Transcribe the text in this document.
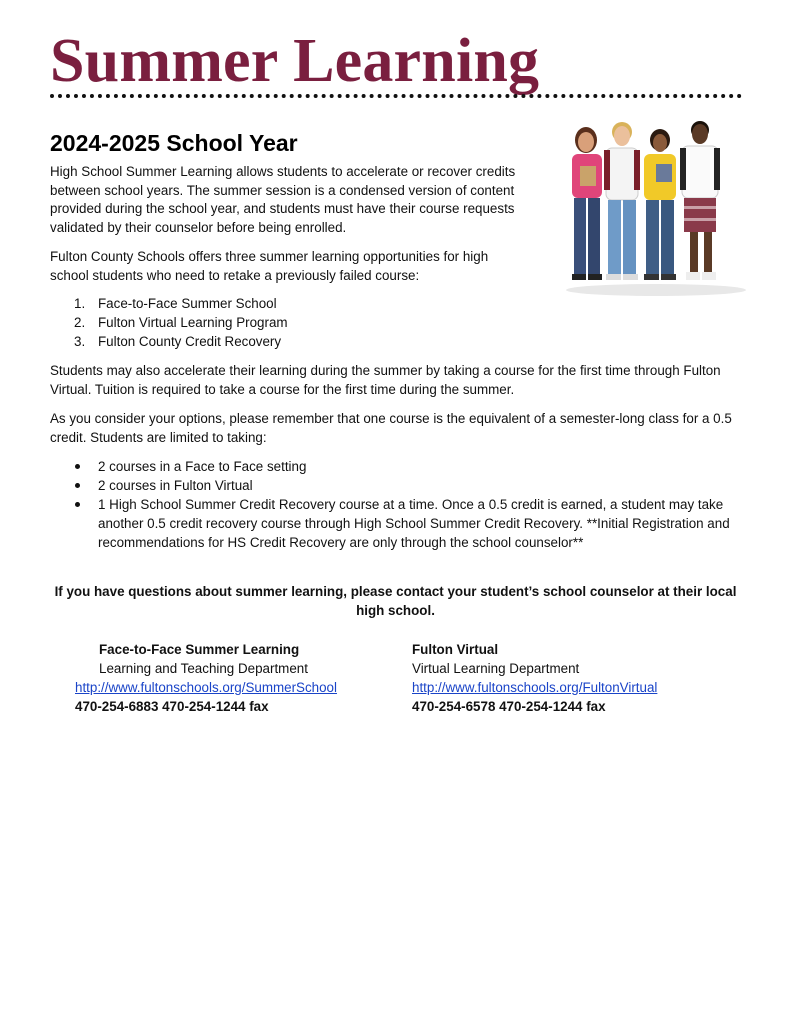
Summer Learning
2024-2025 School Year

High School Summer Learning allows students to accelerate or recover credits between school years. The summer session is a condensed version of content provided during the school year, and students must have their course requests validated by their counselor before being enrolled.

Fulton County Schools offers three summer learning opportunities for high school students who need to retake a previously failed course:

1. Face-to-Face Summer School
2. Fulton Virtual Learning Program
3. Fulton County Credit Recovery

Students may also accelerate their learning during the summer by taking a course for the first time through Fulton Virtual. Tuition is required to take a course for the first time during the summer.

As you consider your options, please remember that one course is the equivalent of a semester-long class for a 0.5 credit. Students are limited to taking:

2 courses in a Face to Face setting
2 courses in Fulton Virtual
1 High School Summer Credit Recovery course at a time. Once a 0.5 credit is earned, a student may take another 0.5 credit recovery course through High School Summer Credit Recovery. **Initial Registration and recommendations for HS Credit Recovery are only through the school counselor**

If you have questions about summer learning, please contact your student’s school counselor at their local high school.

Face-to-Face Summer Learning
Learning and Teaching Department
http://www.fultonschools.org/SummerSchool
470-254-6883 470-254-1244 fax
Fulton Virtual
Virtual Learning Department
http://www.fultonschools.org/FultonVirtual
470-254-6578 470-254-1244 fax
